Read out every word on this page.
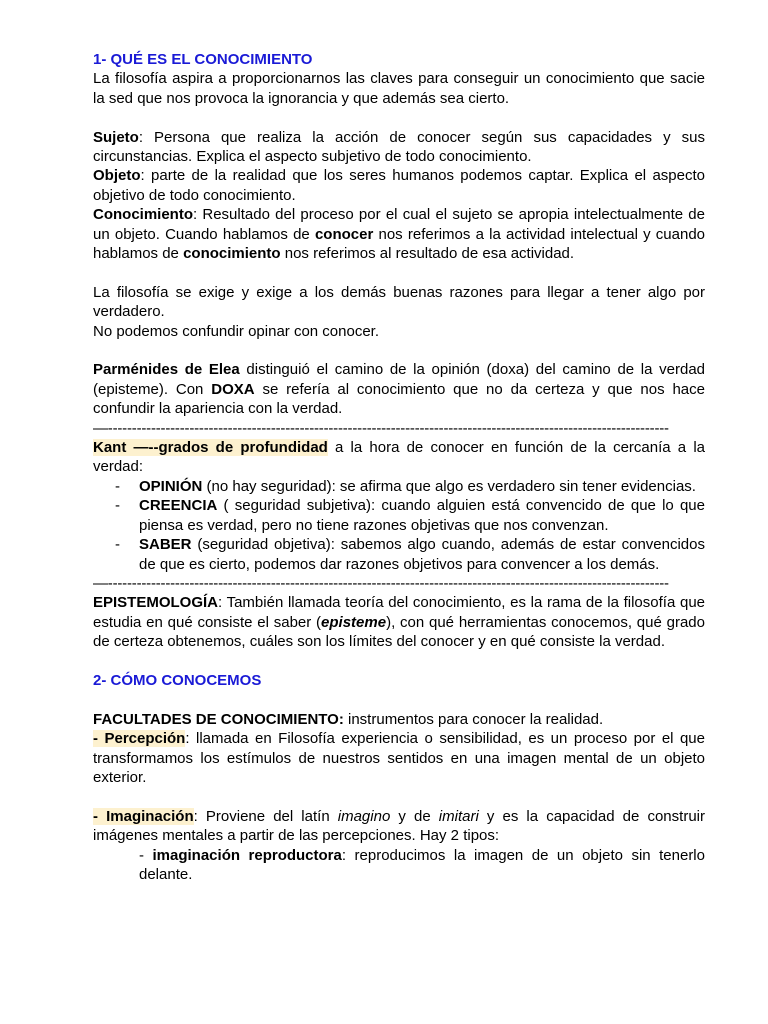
1- QUÉ ES EL CONOCIMIENTO

La filosofía aspira a proporcionarnos las claves para conseguir un conocimiento que sacie la sed que nos provoca la ignorancia y que además sea cierto.

Sujeto: Persona que realiza la acción de conocer según sus capacidades y sus circunstancias. Explica el aspecto subjetivo de todo conocimiento.

Objeto: parte de la realidad que los seres humanos podemos captar. Explica el aspecto objetivo de todo conocimiento.

Conocimiento: Resultado del proceso por el cual el sujeto se apropia intelectualmente de un objeto. Cuando hablamos de conocer nos referimos a la actividad intelectual y cuando hablamos de conocimiento nos referimos al resultado de esa actividad.

La filosofía se exige y exige a los demás buenas razones para llegar a tener algo por verdadero.

No podemos confundir opinar con conocer.

Parménides de Elea distinguió el camino de la opinión (doxa) del camino de la verdad (episteme). Con DOXA se refería al conocimiento que no da certeza y que nos hace confundir la apariencia con la verdad.

—---------------------------------------------------------------------------------------------------------------------

Kant —--grados de profundidad a la hora de conocer en función de la cercanía a la verdad:

- OPINIÓN (no hay seguridad): se afirma que algo es verdadero sin tener evidencias.
- CREENCIA ( seguridad subjetiva): cuando alguien está convencido de que lo que piensa es verdad, pero no tiene razones objetivas que nos convenzan.
- SABER (seguridad objetiva): sabemos algo cuando, además de estar convencidos de que es cierto, podemos dar razones objetivos para convencer a los demás.
—---------------------------------------------------------------------------------------------------------------------

EPISTEMOLOGÍA: También llamada teoría del conocimiento, es la rama de la filosofía que estudia en qué consiste el saber (episteme), con qué herramientas conocemos, qué grado de certeza obtenemos, cuáles son los límites del conocer y en qué consiste la verdad.

2- CÓMO CONOCEMOS

FACULTADES DE CONOCIMIENTO: instrumentos para conocer la realidad.

- Percepción: llamada en Filosofía experiencia o sensibilidad, es un proceso por el que transformamos los estímulos de nuestros sentidos en una imagen mental de un objeto exterior.

- Imaginación: Proviene del latín imagino y de imitari y es la capacidad de construir imágenes mentales a partir de las percepciones. Hay 2 tipos:

- imaginación reproductora: reproducimos la imagen de un objeto sin tenerlo delante.
